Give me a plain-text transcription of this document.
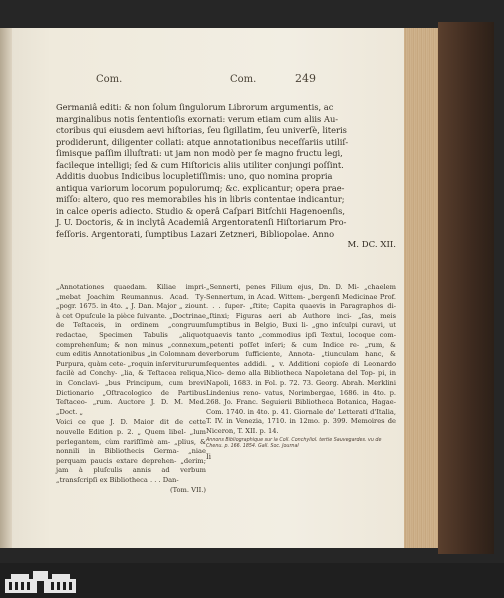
Com.	Com.	249

Germaniâ editi: & non ſolum ſingulorum Librorum argumentis, ac

marginalibus notis ſententioſis exornati: verum etiam cum aliis Au-

ctoribus qui eiusdem aevi hiſtorias, ſeu ſigillatim, ſeu univerſè, literis

prodiderunt, diligenter collati: atque annotationibus neceſſariis utiliſ-

ſimisque paſſim illuſtrati: ut jam non modò per ſe magno fructu legi,

facileque intelligi; ſed & cum Hiſtoricis aliis utiliter conjungi poſſint.

Additis duobus Indicibus locupletiſſimis: uno, quo nomina propria

antiqua variorum locorum populorumq; &c. explicantur; opera prae-

miſſo: altero, quo res memorabiles his in libris contentae indicantur;

in calce operis adiecto. Studio & operâ Caſpari Bitſchii Hagenoenſis,

J. U. Doctoris, & in inclytâ Academiâ Argentoratenſi Hiſtoriarum Pro-

feſſoris. Argentorati, ſumptibus Lazari Zetzneri, Bibliopolae. Anno

M. DC. XII.

„Annotationes quaedam. Kiliae impri- „mebat Joachim Reumannus. Acad. Ty- „pogr. 1675. in 4to. „ J. Dan. Major „ ziount à cet Opuſcule la pièce ſuivante. „Doctrinae de Teſtaceis, in ordinem „congruum redactae, Specimen Tabulis „aliquot comprehenſum; & non minus „connexum cum editis Annotationibus „in Colomnam de Purpura, quàm cete- „roquin inſervitururum facilè ad Conchy- „lia, & Teſtacea reliqua, in Conclavi- „bus Principum, cum brevi Dictionario „Oſtracologico de Partibus Teſtaceo- „rum. Auctore J. D. M. Med. „Doct. „

Voici ce que J. D. Maior dit de cette nouvelle Edition p. 2. „ Quem libel- „lum perlegantem, cùm rariſſimè am- „plius, & nonnili in Bibliothecis Germa- „niae perquam paucis extare deprehen- „derim; jam à pluſculis annis ad verbum „transſcripſi ex Bibliotheca . . . Dan-

(Tom. VII.)

„Sennerti, penes Filium ejus, Dn. D. Mi- „chaelem Sennertum, in Acad. Wittem- „bergenſi Medicinae Prof. . . . ſuper- „ſtite; Capita quaevis in Paragraphos di- „ſtinxi; Figuras aeri ab Authore inci- „ſas, meis ſumptibus in Belgio, Buxi li- „gno inſculpi curavi, ut quaevis tanto „commodius ipſi Textui, locoque com- „petenti poſſet inſeri; & cum Indice re- „rum, & verborum ſufficiente, Annota- „tiunculam hanc, & ſequentes addidi. „ v. Additioni copioſe di Leonardo Nico- demo alla Bibliotheca Napoletana del Top- pi, in Napoli, 1683. in Fol. p. 72. 73. Georg. Abrah. Merklini Lindenius reno- vatus, Norimbergae, 1686. in 4to. p. 268. Jo. Franc. Seguierii Bibliotheca Botanica, Hagae-Com. 1740. in 4to. p. 41. Giornale de' Letterati d'Italia, T. IV. in Venezia, 1710. in 12mo. p. 399. Memoires de Niceron, T. XII. p. 14.

Annons Bibliographique sur la Coll. Conchyliol. tertie Sauvegardes. vu de Chenu. p. 166. 1854. Gall. Soc. Journal
Ii
